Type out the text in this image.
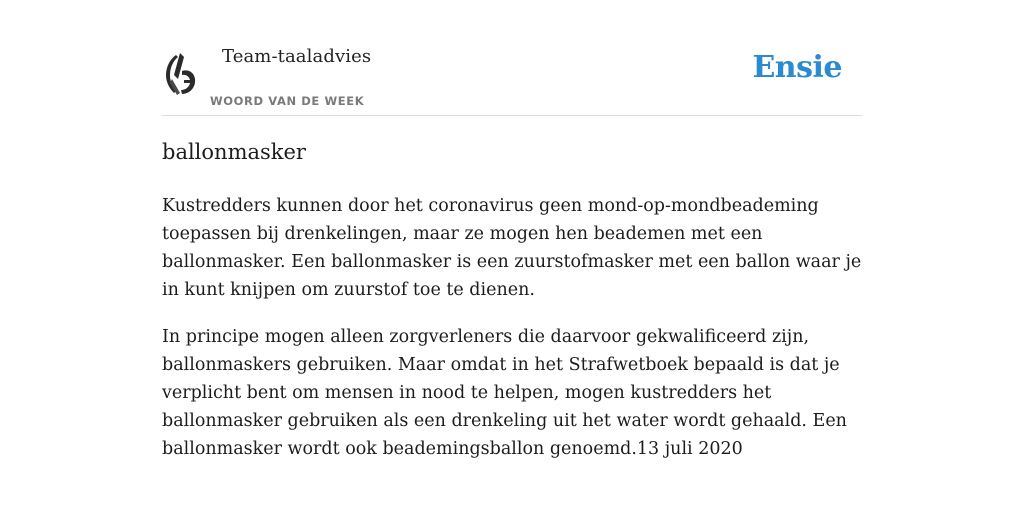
Team-taaladvies
WOORD VAN DE WEEK
Ensie
ballonmasker
Kustredders kunnen door het coronavirus geen mond-op-mondbeademing toepassen bij drenkelingen, maar ze mogen hen beademen met een ballonmasker. Een ballonmasker is een zuurstofmasker met een ballon waar je in kunt knijpen om zuurstof toe te dienen.
In principe mogen alleen zorgverleners die daarvoor gekwalificeerd zijn, ballonmaskers gebruiken. Maar omdat in het Strafwetboek bepaald is dat je verplicht bent om mensen in nood te helpen, mogen kustredders het ballonmasker gebruiken als een drenkeling uit het water wordt gehaald. Een ballonmasker wordt ook beademingsballon genoemd.13 juli 2020
